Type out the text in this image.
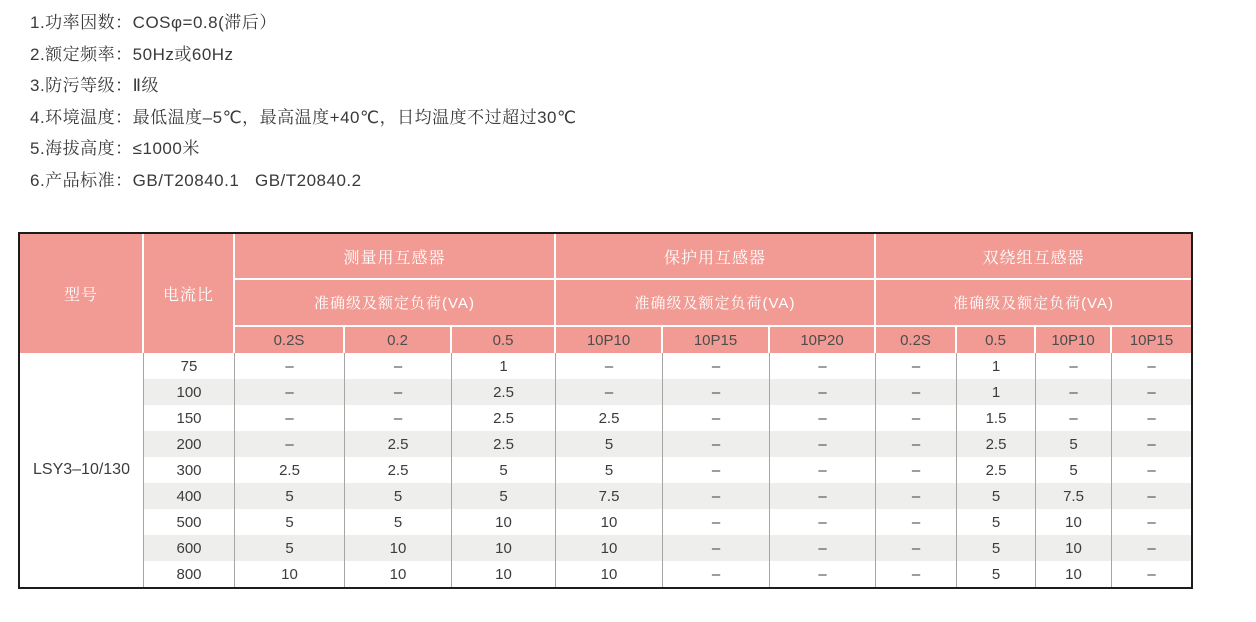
1.功率因数：COSφ=0.8(滞后）
2.额定频率：50Hz或60Hz
3.防污等级：Ⅱ级
4.环境温度：最低温度–5℃，最高温度+40℃，日均温度不过超过30℃
5.海拔高度：≤1000米
6.产品标准：GB/T20840.1   GB/T20840.2
型号	电流比	测量用互感器			保护用互感器			双绕组互感器			
		准确级及额定负荷(VA)			准确级及额定负荷(VA)			准确级及额定负荷(VA)			
		0.2S	0.2	0.5	10P10	10P15	10P20	0.2S	0.5	10P10	10P15
LSY3–10/130	75	–	–	1	–	–	–	–	1	–	–
	100	–	–	2.5	–	–	–	–	1	–	–
	150	–	–	2.5	2.5	–	–	–	1.5	–	–
	200	–	2.5	2.5	5	–	–	–	2.5	5	–
	300	2.5	2.5	5	5	–	–	–	2.5	5	–
	400	5	5	5	7.5	–	–	–	5	7.5	–
	500	5	5	10	10	–	–	–	5	10	–
	600	5	10	10	10	–	–	–	5	10	–
	800	10	10	10	10	–	–	–	5	10	–
